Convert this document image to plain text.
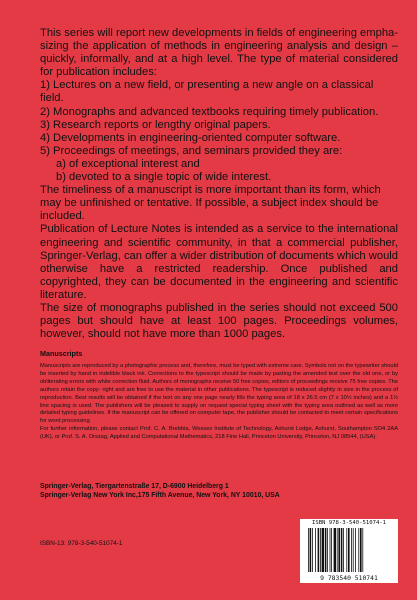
This series will report new developments in fields of engineering empha- sizing the application of methods in engineering analysis and design – quickly, informally, and at a high level. The type of material considered for publication includes:

1) Lectures on a new field, or presenting a new angle on a classical field.

2) Monographs and advanced textbooks requiring timely publication.

3) Research reports or lengthy original papers.

4) Developments in engineering-oriented computer software.

5) Proceedings of meetings, and seminars provided they are:

a) of exceptional interest and

b) devoted to a single topic of wide interest.

The timeliness of a manuscript is more important than its form, which may be unfinished or tentative. If possible, a subject index should be included.

Publication of Lecture Notes is intended as a service to the international engineering and scientific community, in that a commercial publisher, Springer-Verlag, can offer a wider distribution of documents which would otherwise have a restricted readership. Once published and copyrighted, they can be documented in the engineering and scientific literature.

The size of monographs published in the series should not exceed 500 pages but should have at least 100 pages. Proceedings volumes, however, should not have more than 1000 pages.

Manuscripts

Manuscripts are reproduced by a photographic process and, therefore, must be typed with extreme care. Symbols not on the typewriter should be inserted by hand in indelible black ink. Corrections to the typescript should be made by pasting the amended text over the old one, or by obliterating errors with white correction fluid. Authors of monographs receive 50 free copies, editors of proceedings receive 75 free copies. The authors retain the copy- right and are free to use the material in other publications. The typescript is reduced slightly in size in the process of reproduction. Best results will be obtained if the text on any one page nearly fills the typing area of 18 x 26.5 cm (7 x 10½ inches) and a 1½ line spacing is used. The publishers will be pleased to supply on request special typing sheet with the typing area outlined as well as more detailed typing guidelines. If the manuscript can be offered on computer tape, the publisher should be contacted to meet certain specifications for word processing.

For further information, please contact Prof. C. A. Brebbia, Wessex Institute of Technology, Ashurst Lodge, Ashurst, Southampton SO4 2AA (UK), or Prof. S. A. Orszag, Applied and Computational Mathematics, 218 Fine Hall, Princeton University, Princeton, NJ 08544, (USA).

Springer-Verlag, Tiergartenstraße 17, D-6900 Heidelberg 1
Springer-Verlag New York Inc,175 Fifth Avenue, New York, NY 10010, USA
ISBN-13: 978-3-540-51074-1
ISBN 978-3-540-51074-1
9 783540 510741
